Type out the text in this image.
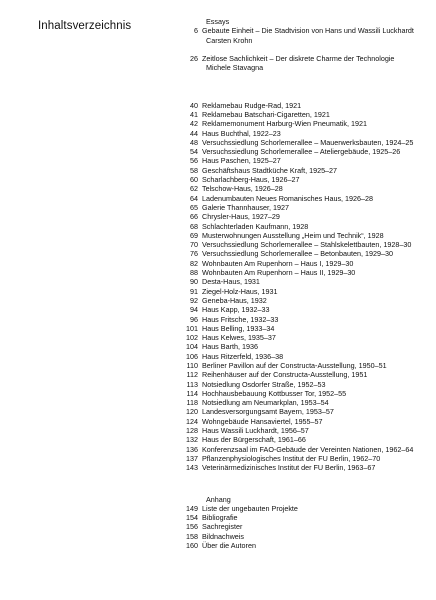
Inhaltsverzeichnis	Essays
6 Gebaute Einheit – Die Stadtvision von Hans und Wassili Luckhardt
Carsten Krohn
26 Zeitlose Sachlichkeit – Der diskrete Charme der Technologie
Michele Stavagna
40 Reklamebau Rudge-Rad, 1921
41 Reklamebau Batschari-Cigaretten, 1921
42 Reklamemonument Harburg-Wien Pneumatik, 1921
44 Haus Buchthal, 1922–23
48 Versuchssiedlung Schorlemerallee – Mauerwerksbauten, 1924–25
54 Versuchssiedlung Schorlemerallee – Ateliergebäude, 1925–26
56 Haus Paschen, 1925–27
58 Geschäftshaus Stadtküche Kraft, 1925–27
60 Scharlachberg-Haus, 1926–27
62 Telschow-Haus, 1926–28
64 Ladenumbauten Neues Romanisches Haus, 1926–28
65 Galerie Thannhauser, 1927
66 Chrysler-Haus, 1927–29
68 Schlachterladen Kaufmann, 1928
69 Musterwohnungen Ausstellung „Heim und Technik“, 1928
70 Versuchssiedlung Schorlemerallee – Stahlskelettbauten, 1928–30
76 Versuchssiedlung Schorlemerallee – Betonbauten, 1929–30
82 Wohnbauten Am Rupenhorn – Haus I, 1929–30
88 Wohnbauten Am Rupenhorn – Haus II, 1929–30
90 Desta-Haus, 1931
91 Ziegel-Holz-Haus, 1931
92 Geneba-Haus, 1932
94 Haus Kapp, 1932–33
96 Haus Fritsche, 1932–33
101 Haus Belling, 1933–34
102 Haus Kelwes, 1935–37
104 Haus Barth, 1936
106 Haus Ritzerfeld, 1936–38
110 Berliner Pavillon auf der Constructa-Ausstellung, 1950–51
112 Reihenhäuser auf der Constructa-Ausstellung, 1951
113 Notsiedlung Osdorfer Straße, 1952–53
114 Hochhausbebauung Kottbusser Tor, 1952–55
118 Notsiedlung am Neumarkplan, 1953–54
120 Landesversorgungsamt Bayern, 1953–57
124 Wohngebäude Hansaviertel, 1955–57
128 Haus Wassili Luckhardt, 1956–57
132 Haus der Bürgerschaft, 1961–66
136 Konferenzsaal im FAO-Gebäude der Vereinten Nationen, 1962–64
137 Pflanzenphysiologisches Institut der FU Berlin, 1962–70
143 Veterinärmedizinisches Institut der FU Berlin, 1963–67
Anhang
149 Liste der ungebauten Projekte
154 Bibliografie
156 Sachregister
158 Bildnachweis
160 Über die Autoren
